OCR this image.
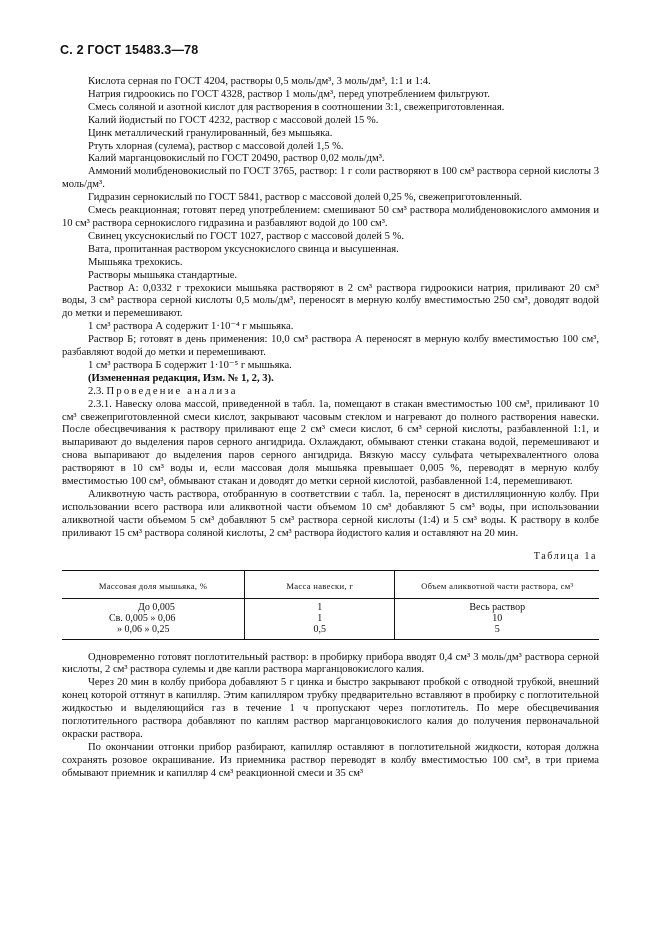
С. 2 ГОСТ 15483.3—78

Кислота серная по ГОСТ 4204, растворы 0,5 моль/дм³, 3 моль/дм³, 1:1 и 1:4.

Натрия гидроокись по ГОСТ 4328, раствор 1 моль/дм³, перед употреблением фильтруют.

Смесь соляной и азотной кислот для растворения в соотношении 3:1, свежеприготовленная.

Калий йодистый по ГОСТ 4232, раствор с массовой долей 15 %.

Цинк металлический гранулированный, без мышьяка.

Ртуть хлорная (сулема), раствор с массовой долей 1,5 %.

Калий марганцовокислый по ГОСТ 20490, раствор 0,02 моль/дм³.

Аммоний молибденовокислый по ГОСТ 3765, раствор: 1 г соли растворяют в 100 см³ раствора серной кислоты 3 моль/дм³.

Гидразин сернокислый по ГОСТ 5841, раствор с массовой долей 0,25 %, свежеприготовленный.

Смесь реакционная; готовят перед употреблением: смешивают 50 см³ раствора молибденовокислого аммония и 10 см³ раствора сернокислого гидразина и разбавляют водой до 100 см³.

Свинец уксуснокислый по ГОСТ 1027, раствор с массовой долей 5 %.

Вата, пропитанная раствором уксуснокислого свинца и высушенная.

Мышьяка трехокись.

Растворы мышьяка стандартные.

Раствор А: 0,0332 г трехокиси мышьяка растворяют в 2 см³ раствора гидроокиси натрия, приливают 20 см³ воды, 3 см³ раствора серной кислоты 0,5 моль/дм³, переносят в мерную колбу вместимостью 250 см³, доводят водой до метки и перемешивают.

1 см³ раствора А содержит 1·10⁻⁴ г мышьяка.

Раствор Б; готовят в день применения: 10,0 см³ раствора А переносят в мерную колбу вместимостью 100 см³, разбавляют водой до метки и перемешивают.

1 см³ раствора Б содержит 1·10⁻⁵ г мышьяка.

(Измененная редакция, Изм. № 1, 2, 3).

2.3. Проведение анализа

2.3.1. Навеску олова массой, приведенной в табл. 1а, помещают в стакан вместимостью 100 см³, приливают 10 см³ свежеприготовленной смеси кислот, закрывают часовым стеклом и нагревают до полного растворения навески. После обесцвечивания к раствору приливают еще 2 см³ смеси кислот, 6 см³ серной кислоты, разбавленной 1:1, и выпаривают до выделения паров серного ангидрида. Охлаждают, обмывают стенки стакана водой, перемешивают и снова выпаривают до выделения паров серного ангидрида. Вязкую массу сульфата четырехвалентного олова растворяют в 10 см³ воды и, если массовая доля мышьяка превышает 0,005 %, переводят в мерную колбу вместимостью 100 см³, обмывают стакан и доводят до метки серной кислотой, разбавленной 1:4, перемешивают.

Аликвотную часть раствора, отобранную в соответствии с табл. 1а, переносят в дистилляционную колбу. При использовании всего раствора или аликвотной части объемом 10 см³ добавляют 5 см³ воды, при использовании аликвотной части объемом 5 см³ добавляют 5 см³ раствора серной кислоты (1:4) и 5 см³ воды. К раствору в колбе приливают 15 см³ раствора соляной кислоты, 2 см³ раствора йодистого калия и оставляют на 20 мин.

Таблица 1а
Массовая доля мышьяка, %	Масса навески, г	Объем аликвотной части раствора, см³
До 0,005	1	Весь раствор
Св. 0,005 » 0,06	1	10
» 0,06 » 0,25	0,5	5

Одновременно готовят поглотительный раствор: в пробирку прибора вводят 0,4 см³ 3 моль/дм³ раствора серной кислоты, 2 см³ раствора сулемы и две капли раствора марганцовокислого калия.

Через 20 мин в колбу прибора добавляют 5 г цинка и быстро закрывают пробкой с отводной трубкой, внешний конец которой оттянут в капилляр. Этим капилляром трубку предварительно вставляют в пробирку с поглотительной жидкостью и выделяющийся газ в течение 1 ч пропускают через поглотитель. По мере обесцвечивания поглотительного раствора добавляют по каплям раствор марганцовокислого калия до получения первоначальной окраски раствора.

По окончании отгонки прибор разбирают, капилляр оставляют в поглотительной жидкости, которая должна сохранять розовое окрашивание. Из приемника раствор переводят в колбу вместимостью 100 см³, в три приема обмывают приемник и капилляр 4 см³ реакционной смеси и 35 см³
